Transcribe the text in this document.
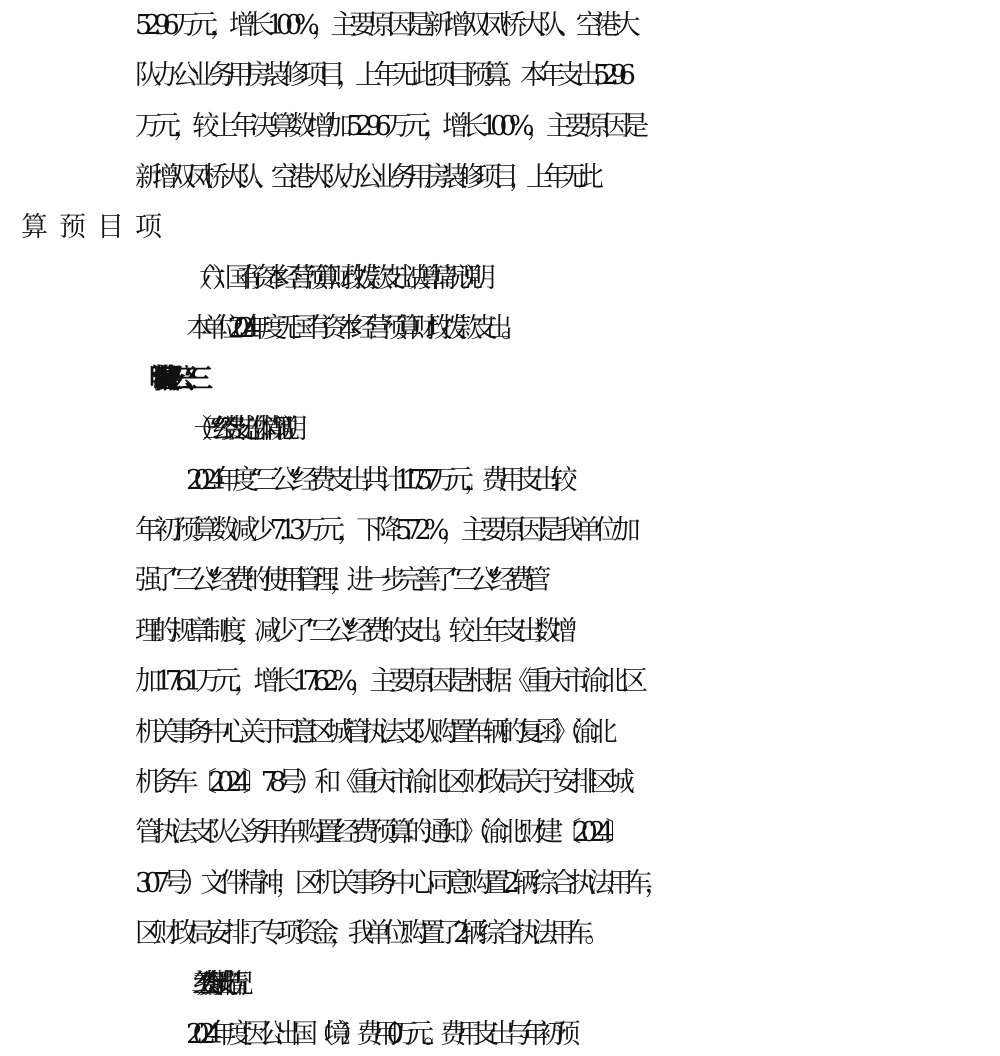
52.96 万元，增长 100%，主要原因是新增双凤桥大队、空港大
队办公业务用房装修项目，上年无此项目预算。本年支出 52.96
万元，较上年决算数增加 52.96 万元，增长 100%，主要原因是
新增双凤桥大队、空港大队办公业务用房装修项目，上年无此
（六）国有资本经营预算财政拨款支出决算情况说明
本单位 2024 年度无国有资本经营预算财政拨款支出。
（一）“三公”经费支出总体情况说明
2024 年度“三公”经费支出共计 117.57 万元，费用支出较
年初预算数减少 7.13 万元，下降 5.72%，主要原因是我单位加
强了“三公”经费的使用管理，进一步完善了“三公”经费管
理的规章制度，减少了“三公”经费的支出。较上年支出数增
加 17.61 万元，增长 17.62%，主要原因是根据《重庆市渝北区
机关事务中心关于同意区城管执法支队购置车辆的复函》（渝北
机务车〔2024〕78 号）和《重庆市渝北区财政局关于安排区城
管执法支队公务用车购置经费预算的通知》（渝北财建〔2024〕
307 号）文件精神，区机关事务中心同意购置 2 辆综合执法用车，
区财政局安排了专项资金，我单位购置了 2 辆综合执法用车。
（二）“三公”经费分项支出情况
2024 年度因公出国（境）费用 0 万元。费用支出与年初预
